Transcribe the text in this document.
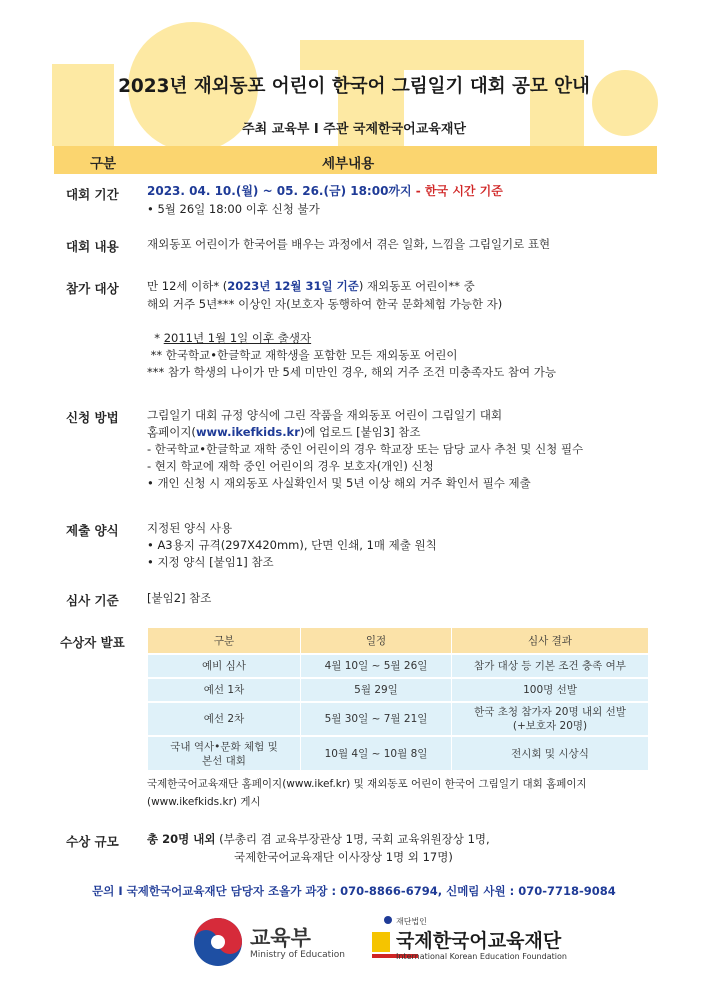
2023년 재외동포 어린이 한국어 그림일기 대회 공모 안내
주최 교육부 I 주관 국제한국어교육재단
구분	세부내용
대회 기간 2023. 04. 10.(월) ~ 05. 26.(금) 18:00까지 - 한국 시간 기준
• 5월 26일 18:00 이후 신청 불가
대회 내용 재외동포 어린이가 한국어를 배우는 과정에서 겪은 일화, 느낌을 그림일기로 표현
참가 대상 만 12세 이하* (2023년 12월 31일 기준) 재외동포 어린이** 중
해외 거주 5년*** 이상인 자(보호자 동행하여 한국 문화체험 가능한 자)
* 2011년 1월 1일 이후 출생자
** 한국학교•한글학교 재학생을 포함한 모든 재외동포 어린이
*** 참가 학생의 나이가 만 5세 미만인 경우, 해외 거주 조건 미충족자도 참여 가능
신청 방법 그림일기 대회 규정 양식에 그린 작품을 재외동포 어린이 그림일기 대회
홈페이지(www.ikefkids.kr)에 업로드 [붙임3] 참조
- 한국학교•한글학교 재학 중인 어린이의 경우 학교장 또는 담당 교사 추천 및 신청 필수
- 현지 학교에 재학 중인 어린이의 경우 보호자(개인) 신청
• 개인 신청 시 재외동포 사실확인서 및 5년 이상 해외 거주 확인서 필수 제출
제출 양식 지정된 양식 사용
• A3용지 규격(297X420mm), 단면 인쇄, 1매 제출 원칙
• 지정 양식 [붙임1] 참조
심사 기준 [붙임2] 참조
수상자 발표	구분	일정	심사 결과
예비 심사	4월 10일 ~ 5월 26일	참가 대상 등 기본 조건 충족 여부
예선 1차	5월 29일	100명 선발
예선 2차	5월 30일 ~ 7월 21일	한국 초청 참가자 20명 내외 선발
(+보호자 20명)
국내 역사•문화 체험 및
본선 대회	10월 4일 ~ 10월 8일	전시회 및 시상식
국제한국어교육재단 홈페이지(www.ikef.kr) 및 재외동포 어린이 한국어 그림일기 대회 홈페이지
(www.ikefkids.kr) 게시
수상 규모 총 20명 내외 (부총리 겸 교육부장관상 1명, 국회 교육위원장상 1명,
국제한국어교육재단 이사장상 1명 외 17명)
문의 I 국제한국어교육재단 담당자 조올가 과장 : 070-8866-6794, 신메림 사원 : 070-7718-9084
교육부
Ministry of Education
재단법인
국제한국어교육재단
International Korean Education Foundation
